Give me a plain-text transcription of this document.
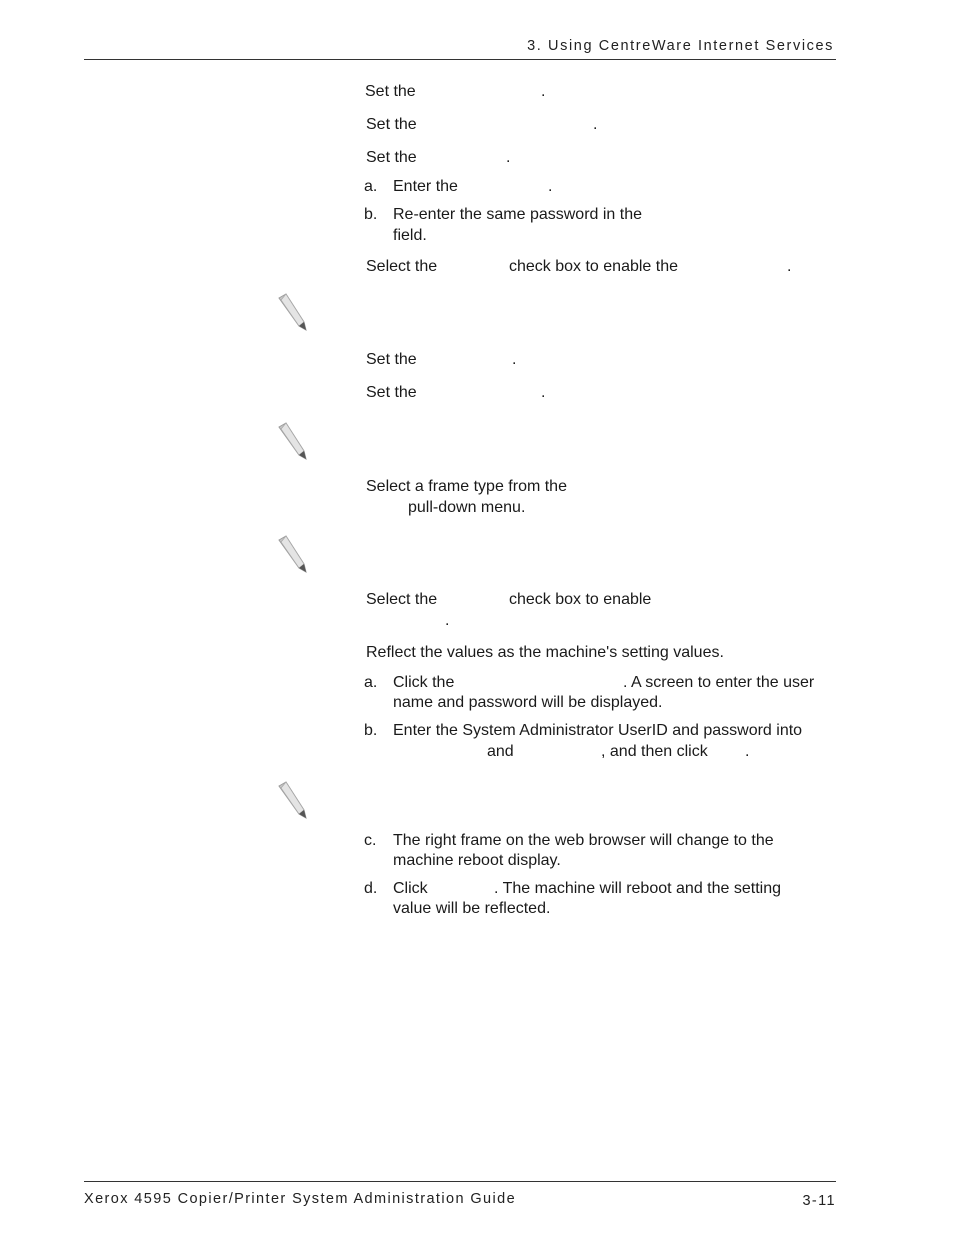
3. Using CentreWare Internet Services
Set the	.
Set the	.
Set the	.
a. Enter the	.
b. Re-enter the same password in the
field.
Select the	check box to enable the	.
Set the	.
Set the	.
Select a frame type from the
pull-down menu.
Select the	check box to enable
.
Reflect the values as the machine's setting values.
a. Click the	. A screen to enter the user
name and password will be displayed.
b. Enter the System Administrator UserID and password into
and	, and then click .
c. The right frame on the web browser will change to the
machine reboot display.
d. Click	. The machine will reboot and the setting
value will be reflected.
Xerox 4595 Copier/Printer System Administration Guide	3-11
